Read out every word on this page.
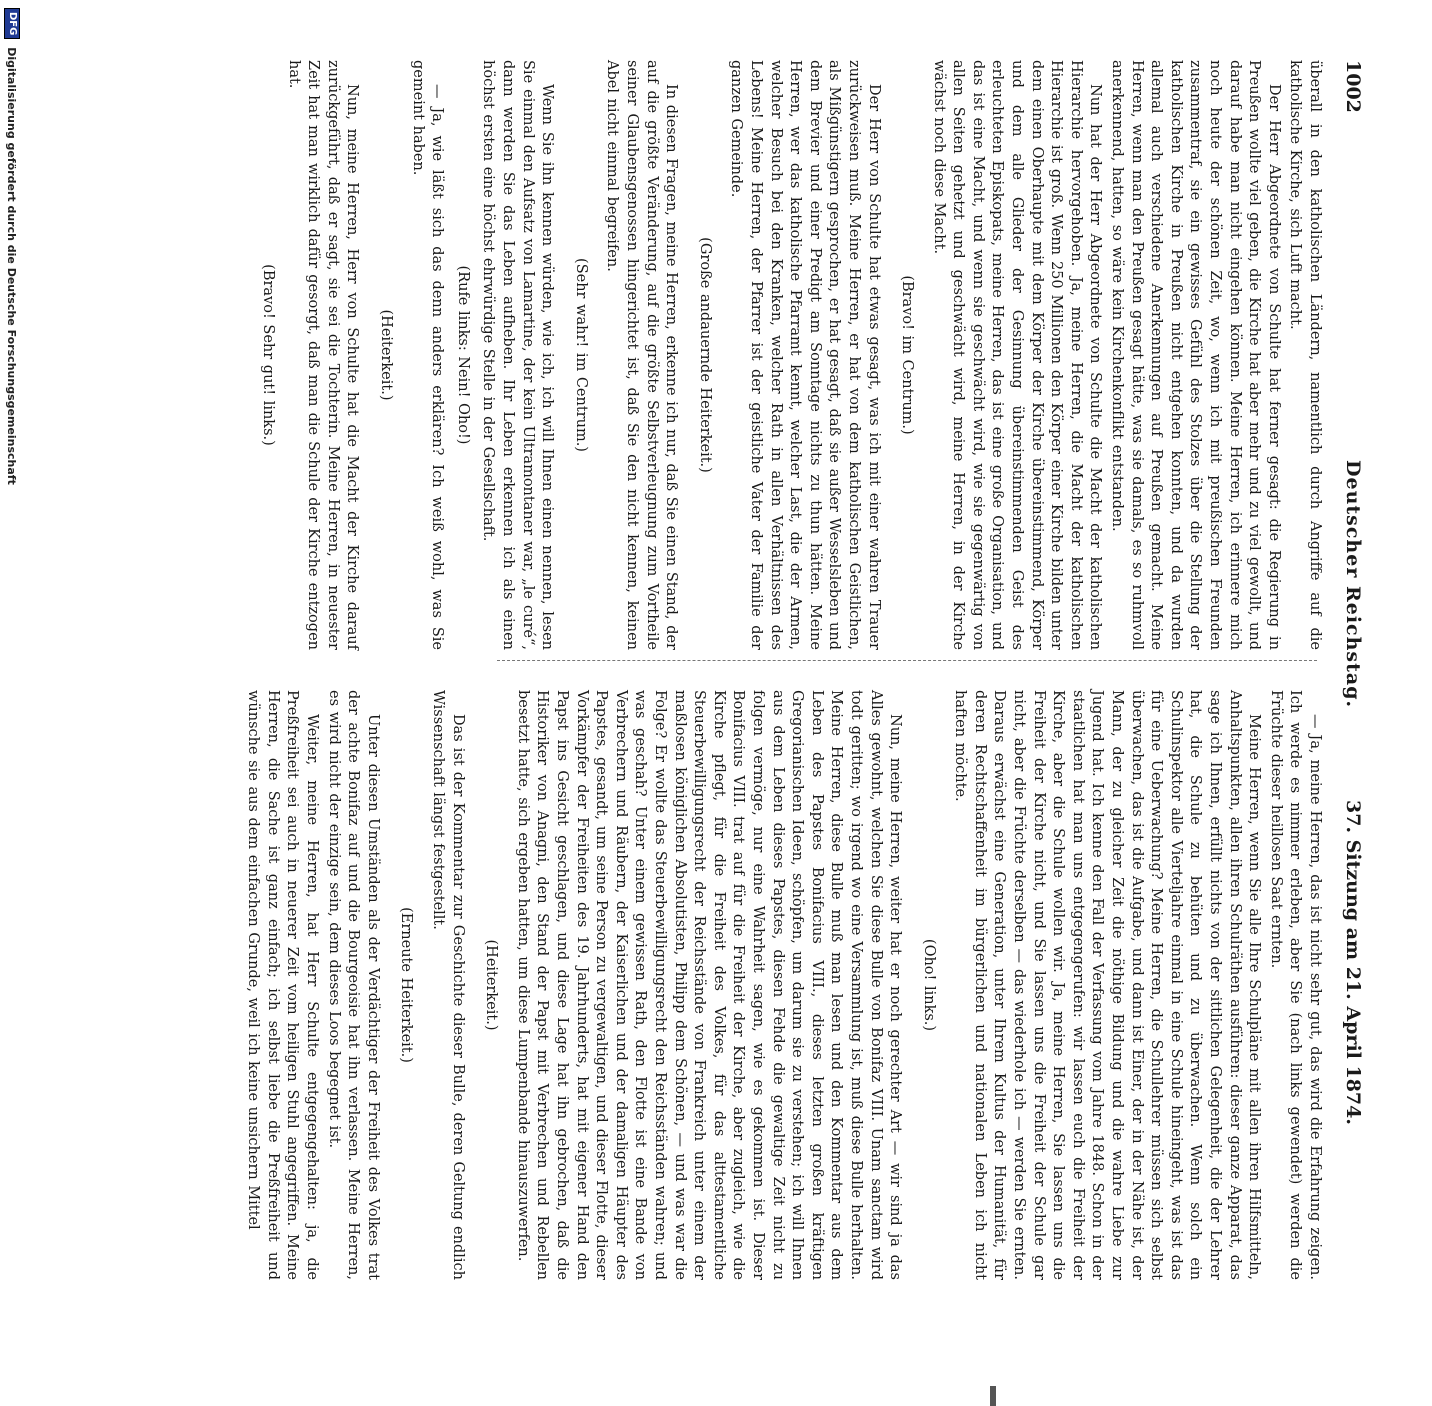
1002
Deutscher Reichstag.
37. Sitzung am 21. April 1874.

überall in den katholischen Ländern, namentlich durch Angriffe auf die katholische Kirche, sich Luft macht.

Der Herr Abgeordnete von Schulte hat ferner gesagt: die Regierung in Preußen wollte viel geben, die Kirche hat aber mehr und zu viel gewollt, und darauf habe man nicht eingehen können. Meine Herren, ich erinnere mich noch heute der schönen Zeit, wo, wenn ich mit preußischen Freunden zusammentraf, sie ein gewisses Gefühl des Stolzes über die Stellung der katholischen Kirche in Preußen nicht entgehen konnten, und da wurden allemal auch verschiedene Anerkennungen auf Preußen gemacht. Meine Herren, wenn man den Preußen gesagt hätte, was sie damals, es so ruhmvoll anerkennend, hatten, so wäre kein Kirchenkonflikt entstanden.

Nun hat der Herr Abgeordnete von Schulte die Macht der katholischen Hierarchie hervorgehoben. Ja, meine Herren, die Macht der katholischen Hierarchie ist groß. Wenn 250 Millionen den Körper einer Kirche bilden unter dem einen Oberhaupte mit dem Körper der Kirche übereinstimmend, Körper und dem alle Glieder der Gesinnung übereinstimmenden Geist des erleuchteten Episkopats, meine Herren, das ist eine große Organisation, und das ist eine Macht, und wenn sie geschwächt wird, wie sie gegenwärtig von allen Seiten gehetzt und geschwächt wird, meine Herren, in der Kirche wächst noch diese Macht.

(Bravo! im Centrum.)

Der Herr von Schulte hat etwas gesagt, was ich mit einer wahren Trauer zurückweisen muß. Meine Herren, er hat von dem katholischen Geistlichen, als Mißgünstigern gesprochen, er hat gesagt, daß sie außer Wesselsleben und dem Brevier und einer Predigt am Sonntage nichts zu thun hätten. Meine Herren, wer das katholische Pfarramt kennt, welcher Last, die der Armen, welcher Besuch bei den Kranken, welcher Rath in allen Verhältnissen des Lebens! Meine Herren, der Pfarrer ist der geistliche Vater der Familie der ganzen Gemeinde.

(Große andauernde Heiterkeit.)

In diesen Fragen, meine Herren, erkenne ich nur, daß Sie einen Stand, der auf die größte Veränderung, auf die größte Selbstverleugnung zum Vortheile seiner Glaubensgenossen hingerichtet ist, daß Sie den nicht kennen, keinen Abel nicht einmal begreifen.

(Sehr wahr! im Centrum.)

Wenn Sie ihn kennen würden, wie ich, ich will Ihnen einen nennen, lesen Sie einmal den Aufsatz von Lamartine, der kein Ultramontaner war, „le curé“, dann werden Sie das Leben aufheben. Ihr Leben erkennen ich als einen höchst ersten eine höchst ehrwürdige Stelle in der Gesellschaft.

(Rufe links: Nein! Oho!)

— Ja, wie läßt sich das denn anders erklären? Ich weiß wohl, was Sie gemeint haben.

(Heiterkeit.)

Nun, meine Herren, Herr von Schulte hat die Macht der Kirche darauf zurückgeführt, daß er sagt, sie sei die Tochterin. Meine Herren, in neuester Zeit hat man wirklich dafür gesorgt, daß man die Schule der Kirche entzogen hat.

(Bravo! Sehr gut! links.)

— Ja, meine Herren, das ist nicht sehr gut, das wird die Erfahrung zeigen. Ich werde es nimmer erleben, aber Sie (nach links gewendet) werden die Früchte dieser heillosen Saat ernten.

Meine Herren, wenn Sie alle Ihre Schulpläne mit allen ihren Hilfsmitteln, Anhaltspunkten, allen ihren Schulräthen ausführen: dieser ganze Apparat, das sage ich Ihnen, erfüllt nichts von der sittlichen Gelegenheit, die der Lehrer hat, die Schule zu behüten und zu überwachen. Wenn solch ein Schulinspektor alle Vierteljahre einmal in eine Schule hineingeht, was ist das für eine Ueberwachung? Meine Herren, die Schullehrer müssen sich selbst überwachen, das ist die Aufgabe, und dann ist Einer, der in der Nähe ist, der Mann, der zu gleicher Zeit die nöthige Bildung und die wahre Liebe zur Jugend hat. Ich kenne den Fall der Verfassung vom Jahre 1848. Schon in der staatlichen hat man uns entgegengerufen: wir lassen euch die Freiheit der Kirche, aber die Schule wollen wir. Ja, meine Herren, Sie lassen uns die Freiheit der Kirche nicht, und Sie lassen uns die Freiheit der Schule gar nicht, aber die Früchte derselben — das wiederhole ich — werden Sie ernten. Daraus erwächst eine Generation, unter Ihrem Kultus der Humanität, für deren Rechtschaffenheit im bürgerlichen und nationalen Leben ich nicht haften möchte.

(Oho! links.)

Nun, meine Herren, weiter hat er noch gerechter Art — wir sind ja das Alles gewohnt, welchen Sie diese Bulle von Bonifaz VIII. Unam sanctam wird todt geritten; wo irgend wo eine Versammlung ist, muß diese Bulle herhalten. Meine Herren, diese Bulle muß man lesen und den Kommentar aus dem Leben des Papstes Bonifacius VIII., dieses letzten großen kräftigen Gregorianischen Ideen, schöpfen, um darum sie zu verstehen; ich will Ihnen aus dem Leben dieses Papstes, diesen Fehde die gewaltige Zeit nicht zu folgen vermöge, nur eine Wahrheit sagen, wie es gekommen ist. Dieser Bonifacius VIII. trat auf für die Freiheit der Kirche, aber zugleich, wie die Kirche pflegt, für die Freiheit des Volkes, für das alttestamentliche Steuerbewilligungsrecht der Reichsstände von Frankreich unter einem der maßlosen königlichen Absolutisten, Philipp dem Schönen, — und was war die Folge? Er wollte das Steuerbewilligungsrecht den Reichsständen wahren; und was geschah? Unter einem gewissen Rath, den Flotte ist eine Bande von Verbrechern und Räubern, der Kaiserlichen und der damaligen Häupter des Papstes, gesandt, um seine Person zu vergewaltigen, und dieser Flotte, dieser Vorkämpfer der Freiheiten des 19. Jahrhunderts, hat mit eigener Hand den Papst ins Gesicht geschlagen, und diese Lage hat ihn gebrochen, daß die Historiker von Anagni, den Stand der Papst mit Verbrechen und Rebellen besetzt hatte, sich ergeben hatten, um diese Lumpenbande hinauszuwerfen.

(Heiterkeit.)

Das ist der Kommentar zur Geschichte dieser Bulle, deren Geltung endlich Wissenschaft längst festgestellt.

(Erneute Heiterkeit.)

Unter diesen Umständen als der Verdächtiger der Freiheit des Volkes trat der achte Bonifaz auf und die Bourgeoisie hat ihn verlassen. Meine Herren, es wird nicht der einzige sein, dem dieses Loos begegnet ist.

Weiter, meine Herren, hat Herr Schulte entgegengehalten: ja, die Preßfreiheit sei auch in neuerer Zeit vom heiligen Stuhl angegriffen. Meine Herren, die Sache ist ganz einfach; ich selbst liebe die Preßfreiheit und wünsche sie aus dem einfachen Grunde, weil ich keine unsichern Mittel

DFG Digitalisierung gefördert durch die Deutsche Forschungsgemeinschaft
